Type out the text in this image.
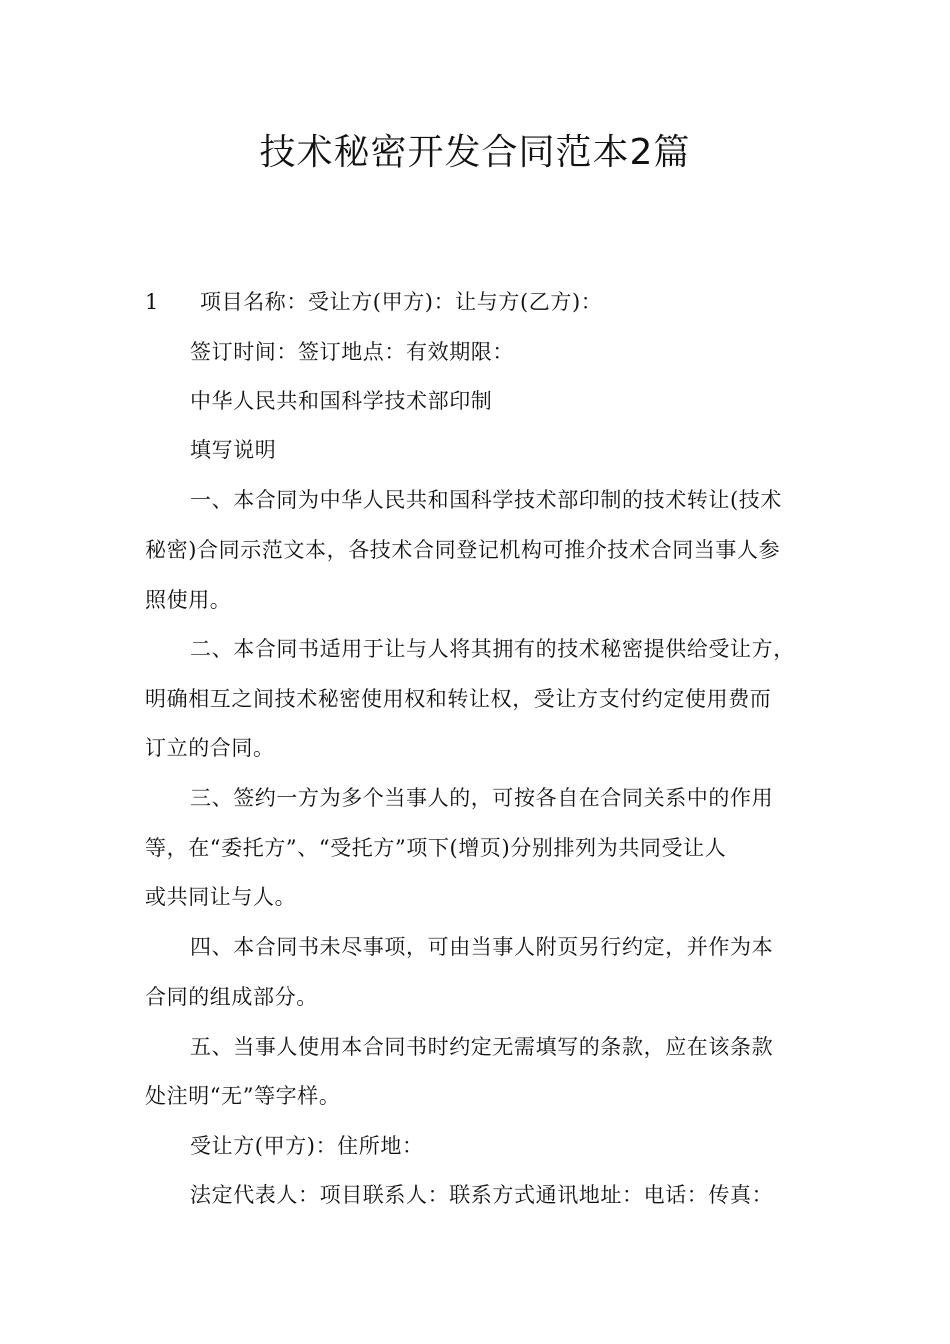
技术秘密开发合同范本2篇
1 项目名称：受让方(甲方)：让与方(乙方)：
签订时间：签订地点：有效期限：
中华人民共和国科学技术部印制
填写说明
一、本合同为中华人民共和国科学技术部印制的技术转让(技术
秘密)合同示范文本，各技术合同登记机构可推介技术合同当事人参
照使用。
二、本合同书适用于让与人将其拥有的技术秘密提供给受让方，
明确相互之间技术秘密使用权和转让权，受让方支付约定使用费而
订立的合同。
三、签约一方为多个当事人的，可按各自在合同关系中的作用
等，在“委托方”、“受托方”项下(增页)分别排列为共同受让人
或共同让与人。
四、本合同书未尽事项，可由当事人附页另行约定，并作为本
合同的组成部分。
五、当事人使用本合同书时约定无需填写的条款，应在该条款
处注明“无”等字样。
受让方(甲方)：住所地：
法定代表人：项目联系人：联系方式通讯地址：电话：传真：
